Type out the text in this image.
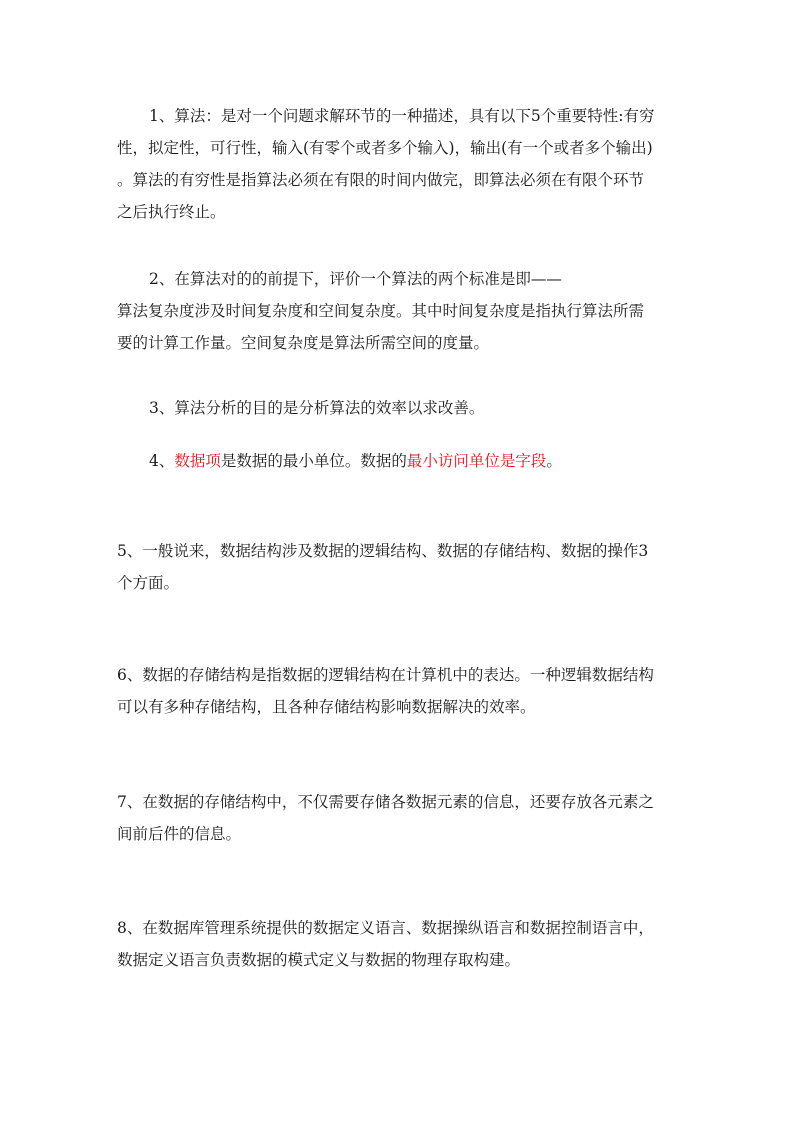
1、算法：是对一个问题求解环节的一种描述，具有以下5个重要特性:有穷
性，拟定性，可行性，输入(有零个或者多个输入)，输出(有一个或者多个输出)
。算法的有穷性是指算法必须在有限的时间内做完，即算法必须在有限个环节
之后执行终止。
2、在算法对的的前提下，评价一个算法的两个标准是即——
算法复杂度涉及时间复杂度和空间复杂度。其中时间复杂度是指执行算法所需
要的计算工作量。空间复杂度是算法所需空间的度量。
3、算法分析的目的是分析算法的效率以求改善。
4、数据项是数据的最小单位。数据的最小访问单位是字段。
5、一般说来，数据结构涉及数据的逻辑结构、数据的存储结构、数据的操作3
个方面。
6、数据的存储结构是指数据的逻辑结构在计算机中的表达。一种逻辑数据结构
可以有多种存储结构，且各种存储结构影响数据解决的效率。
7、在数据的存储结构中，不仅需要存储各数据元素的信息，还要存放各元素之
间前后件的信息。
8、在数据库管理系统提供的数据定义语言、数据操纵语言和数据控制语言中，
数据定义语言负责数据的模式定义与数据的物理存取构建。
